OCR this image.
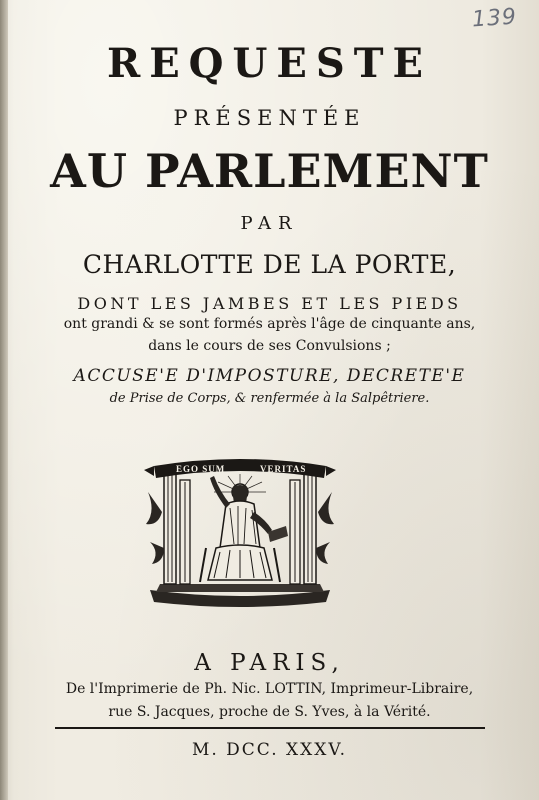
139
REQUESTE
PRÉSENTÉE
AU PARLEMENT
PAR
CHARLOTTE DE LA PORTE,
DONT LES JAMBES ET LES PIEDS
ont grandi & se sont formés après l'âge de cinquante ans,
dans le cours de ses Convulsions ;
ACCUSE'E D'IMPOSTURE, DECRETE'E
de Prise de Corps, & renfermée à la Salpêtriere.
EGO SUM	VERITAS
A PARIS,
De l'Imprimerie de Ph. Nic. LOTTIN, Imprimeur-Libraire,
rue S. Jacques, proche de S. Yves, à la Vérité.
M. DCC. XXXV.
